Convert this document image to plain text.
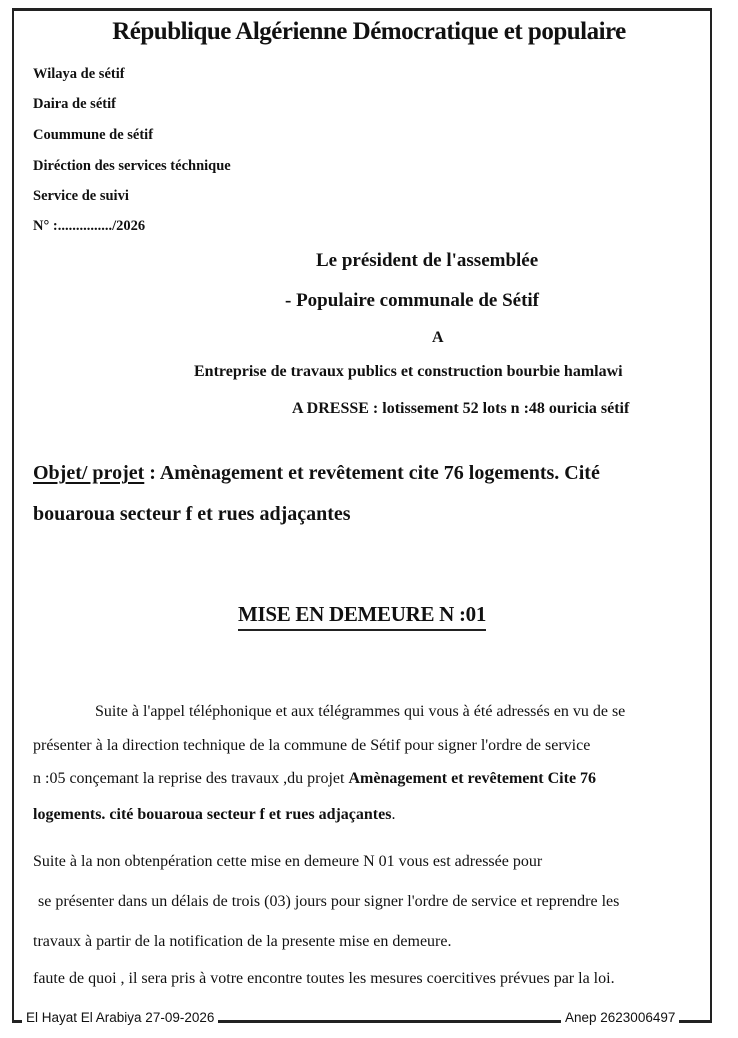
République Algérienne Démocratique et populaire
Wilaya de sétif
Daira de sétif
Coummune de sétif
Diréction des services téchnique
Service de suivi
N° :.............../2026
Le président de l'assemblée
- Populaire communale de Sétif
A
Entreprise de travaux publics et construction bourbie hamlawi
A DRESSE : lotissement 52 lots n :48 ouricia sétif
Objet/ projet : Amènagement et revêtement cite 76 logements. Cité
bouaroua secteur f et rues adjaçantes
MISE EN DEMEURE N :01
Suite à l'appel téléphonique et aux télégrammes qui vous à été adressés en vu de se
présenter à la direction technique de la commune de Sétif pour signer l'ordre de service
n :05 conçemant la reprise des travaux ,du projet Amènagement et revêtement Cite 76
logements. cité bouaroua secteur f et rues adjaçantes.
Suite à la non obtenpération cette mise en demeure N 01 vous est adressée pour
se présenter dans un délais de trois (03) jours pour signer l'ordre de service et reprendre les
travaux à partir de la notification de la presente mise en demeure.
faute de quoi , il sera pris à votre encontre toutes les mesures coercitives prévues par la loi.
El Hayat El Arabiya 27-09-2026	Anep 2623006497
